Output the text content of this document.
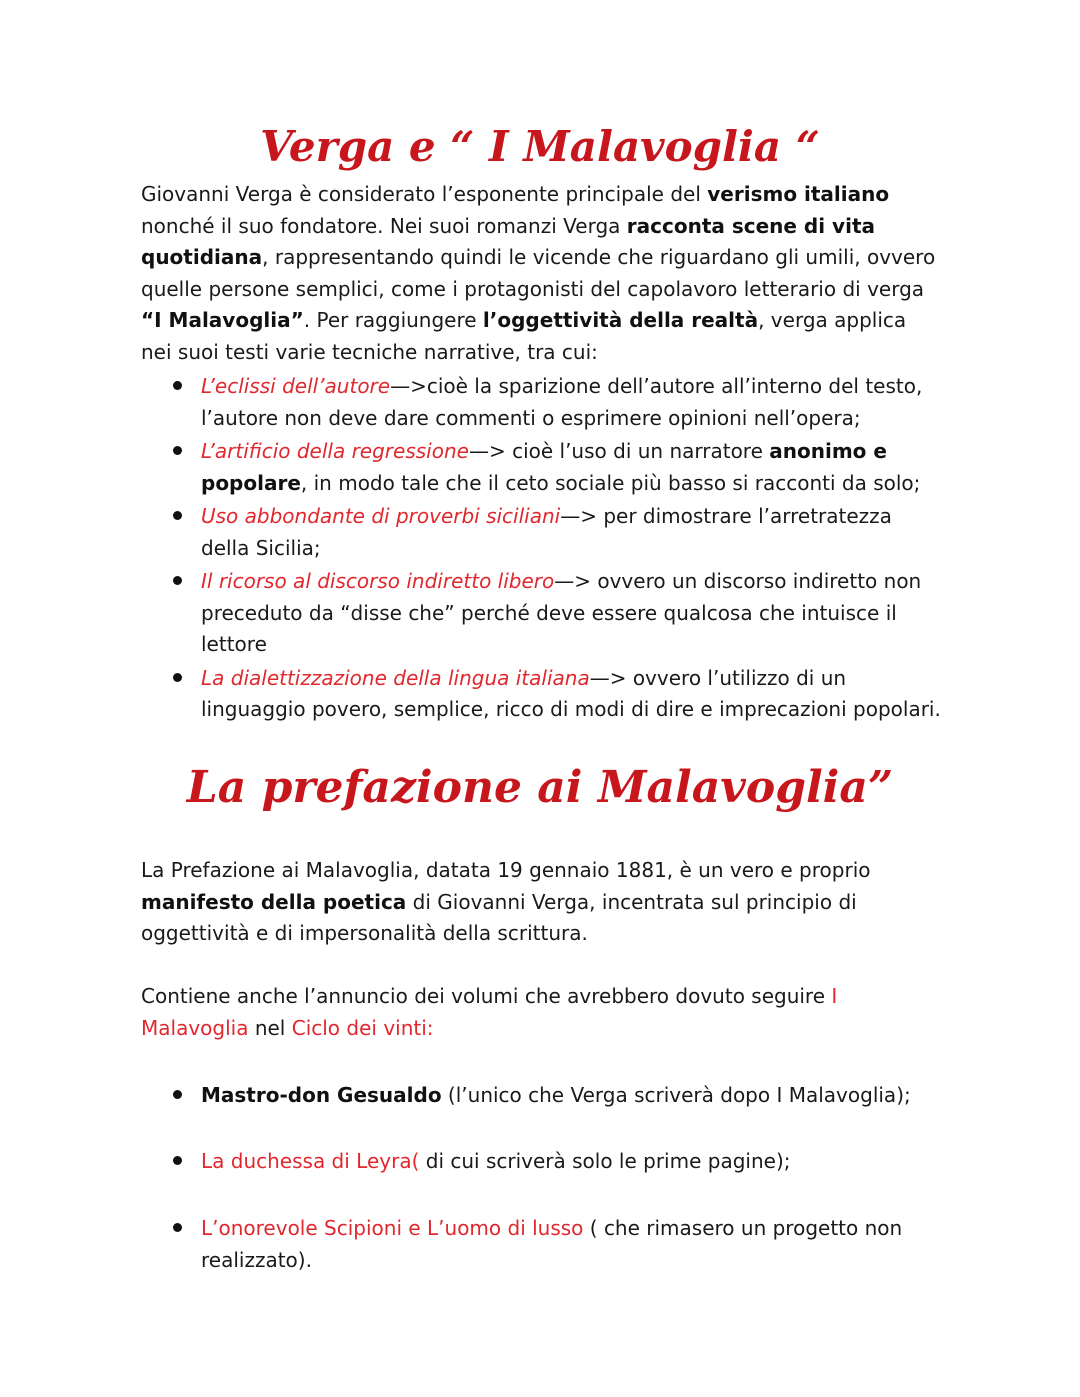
Verga e “ I Malavoglia “

Giovanni Verga è considerato l’esponente principale del verismo italiano nonché il suo fondatore. Nei suoi romanzi Verga racconta scene di vita quotidiana, rappresentando quindi le vicende che riguardano gli umili, ovvero quelle persone semplici, come i protagonisti del capolavoro letterario di verga “I Malavoglia”. Per raggiungere l’oggettività della realtà, verga applica nei suoi testi varie tecniche narrative, tra cui:

L’eclissi dell’autore—>cioè la sparizione dell’autore all’interno del testo, l’autore non deve dare commenti o esprimere opinioni nell’opera;
L’artificio della regressione—> cioè l’uso di un narratore anonimo e popolare, in modo tale che il ceto sociale più basso si racconti da solo;
Uso abbondante di proverbi siciliani—> per dimostrare l’arretratezza della Sicilia;
Il ricorso al discorso indiretto libero—> ovvero un discorso indiretto non preceduto da “disse che” perché deve essere qualcosa che intuisce il lettore
La dialettizzazione della lingua italiana—> ovvero l’utilizzo di un linguaggio povero, semplice, ricco di modi di dire e imprecazioni popolari.
La prefazione ai Malavoglia”

La Prefazione ai Malavoglia, datata 19 gennaio 1881, è un vero e proprio manifesto della poetica di Giovanni Verga, incentrata sul principio di oggettività e di impersonalità della scrittura.

Contiene anche l’annuncio dei volumi che avrebbero dovuto seguire I Malavoglia nel Ciclo dei vinti:

Mastro-don Gesualdo (l’unico che Verga scriverà dopo I Malavoglia);
La duchessa di Leyra( di cui scriverà solo le prime pagine);
L’onorevole Scipioni e L’uomo di lusso ( che rimasero un progetto non realizzato).
